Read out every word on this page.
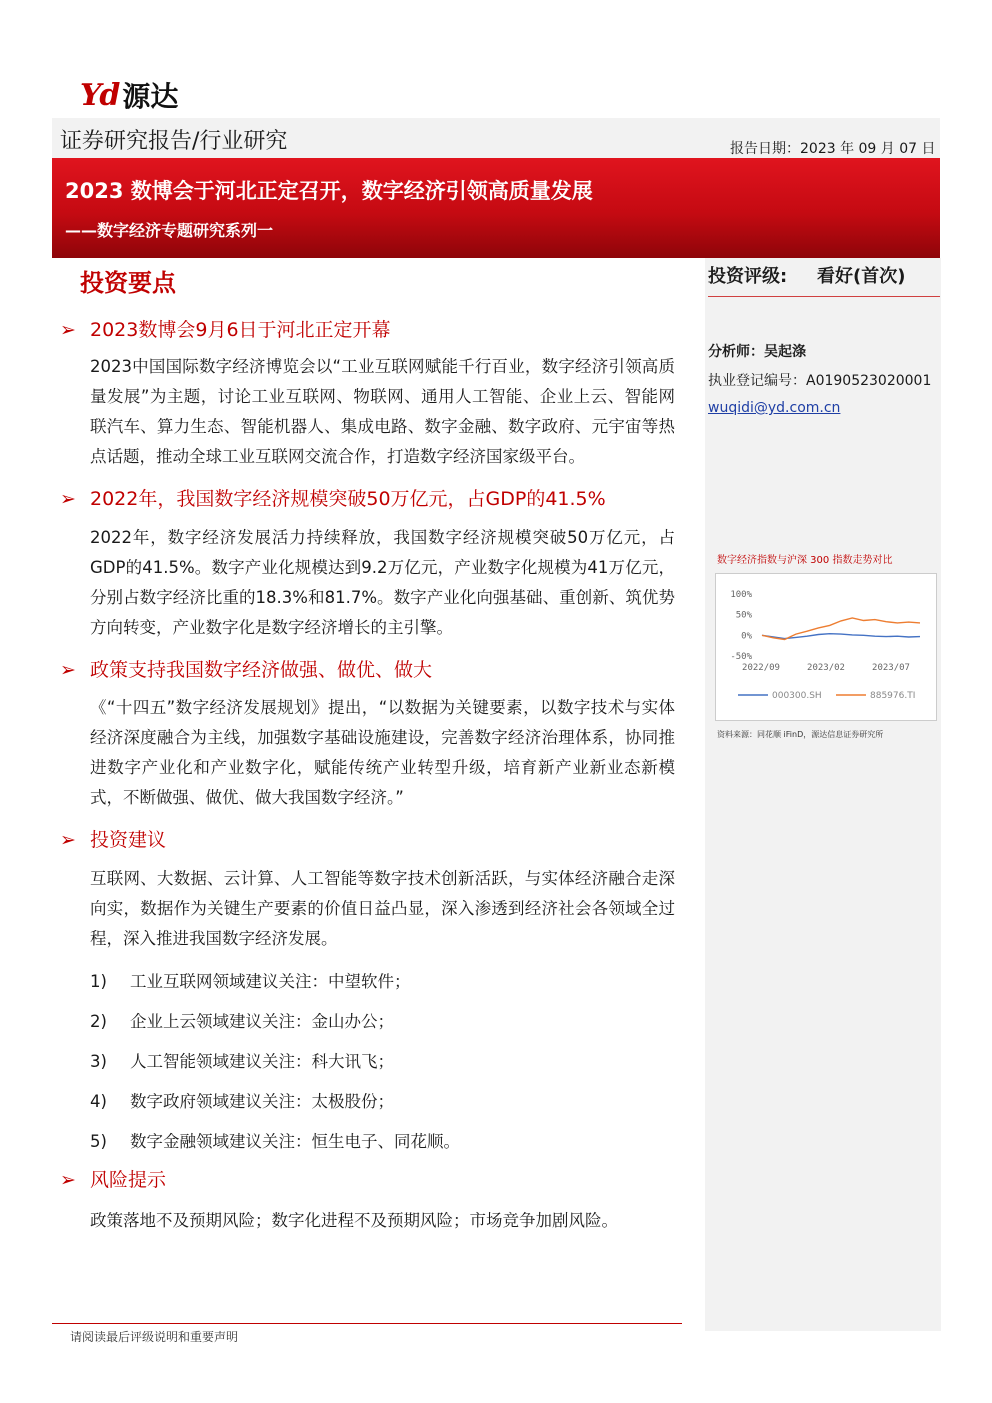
Yd 源达
证券研究报告/行业研究	报告日期：2023 年 09 月 07 日
2023 数博会于河北正定召开，数字经济引领高质量发展
——数字经济专题研究系列一
投资评级: 看好(首次)
分析师：吴起涤
执业登记编号：A0190523020001
wuqidi@yd.com.cn
数字经济指数与沪深 300 指数走势对比
100%
50%
0%
-50%
2022/09	2023/02	2023/07
000300.SH	885976.TI
资料来源：同花顺 iFinD，源达信息证券研究所
投资要点
➢ 2023数博会9月6日于河北正定开幕
2023中国国际数字经济博览会以“工业互联网赋能千行百业，数字经济引领高质量发展”为主题，讨论工业互联网、物联网、通用人工智能、企业上云、智能网联汽车、算力生态、智能机器人、集成电路、数字金融、数字政府、元宇宙等热点话题，推动全球工业互联网交流合作，打造数字经济国家级平台。
➢ 2022年，我国数字经济规模突破50万亿元，占GDP的41.5%
2022年，数字经济发展活力持续释放，我国数字经济规模突破50万亿元，占GDP的41.5%。数字产业化规模达到9.2万亿元，产业数字化规模为41万亿元，分别占数字经济比重的18.3%和81.7%。数字产业化向强基础、重创新、筑优势方向转变，产业数字化是数字经济增长的主引擎。
➢ 政策支持我国数字经济做强、做优、做大
《“十四五”数字经济发展规划》提出，“以数据为关键要素，以数字技术与实体经济深度融合为主线，加强数字基础设施建设，完善数字经济治理体系，协同推进数字产业化和产业数字化，赋能传统产业转型升级，培育新产业新业态新模式，不断做强、做优、做大我国数字经济。”
➢ 投资建议
互联网、大数据、云计算、人工智能等数字技术创新活跃，与实体经济融合走深向实，数据作为关键生产要素的价值日益凸显，深入渗透到经济社会各领域全过程，深入推进我国数字经济发展。
1) 工业互联网领域建议关注：中望软件；
2) 企业上云领域建议关注：金山办公；
3) 人工智能领域建议关注：科大讯飞；
4) 数字政府领域建议关注：太极股份；
5) 数字金融领域建议关注：恒生电子、同花顺。
➢ 风险提示
政策落地不及预期风险；数字化进程不及预期风险；市场竞争加剧风险。
请阅读最后评级说明和重要声明
